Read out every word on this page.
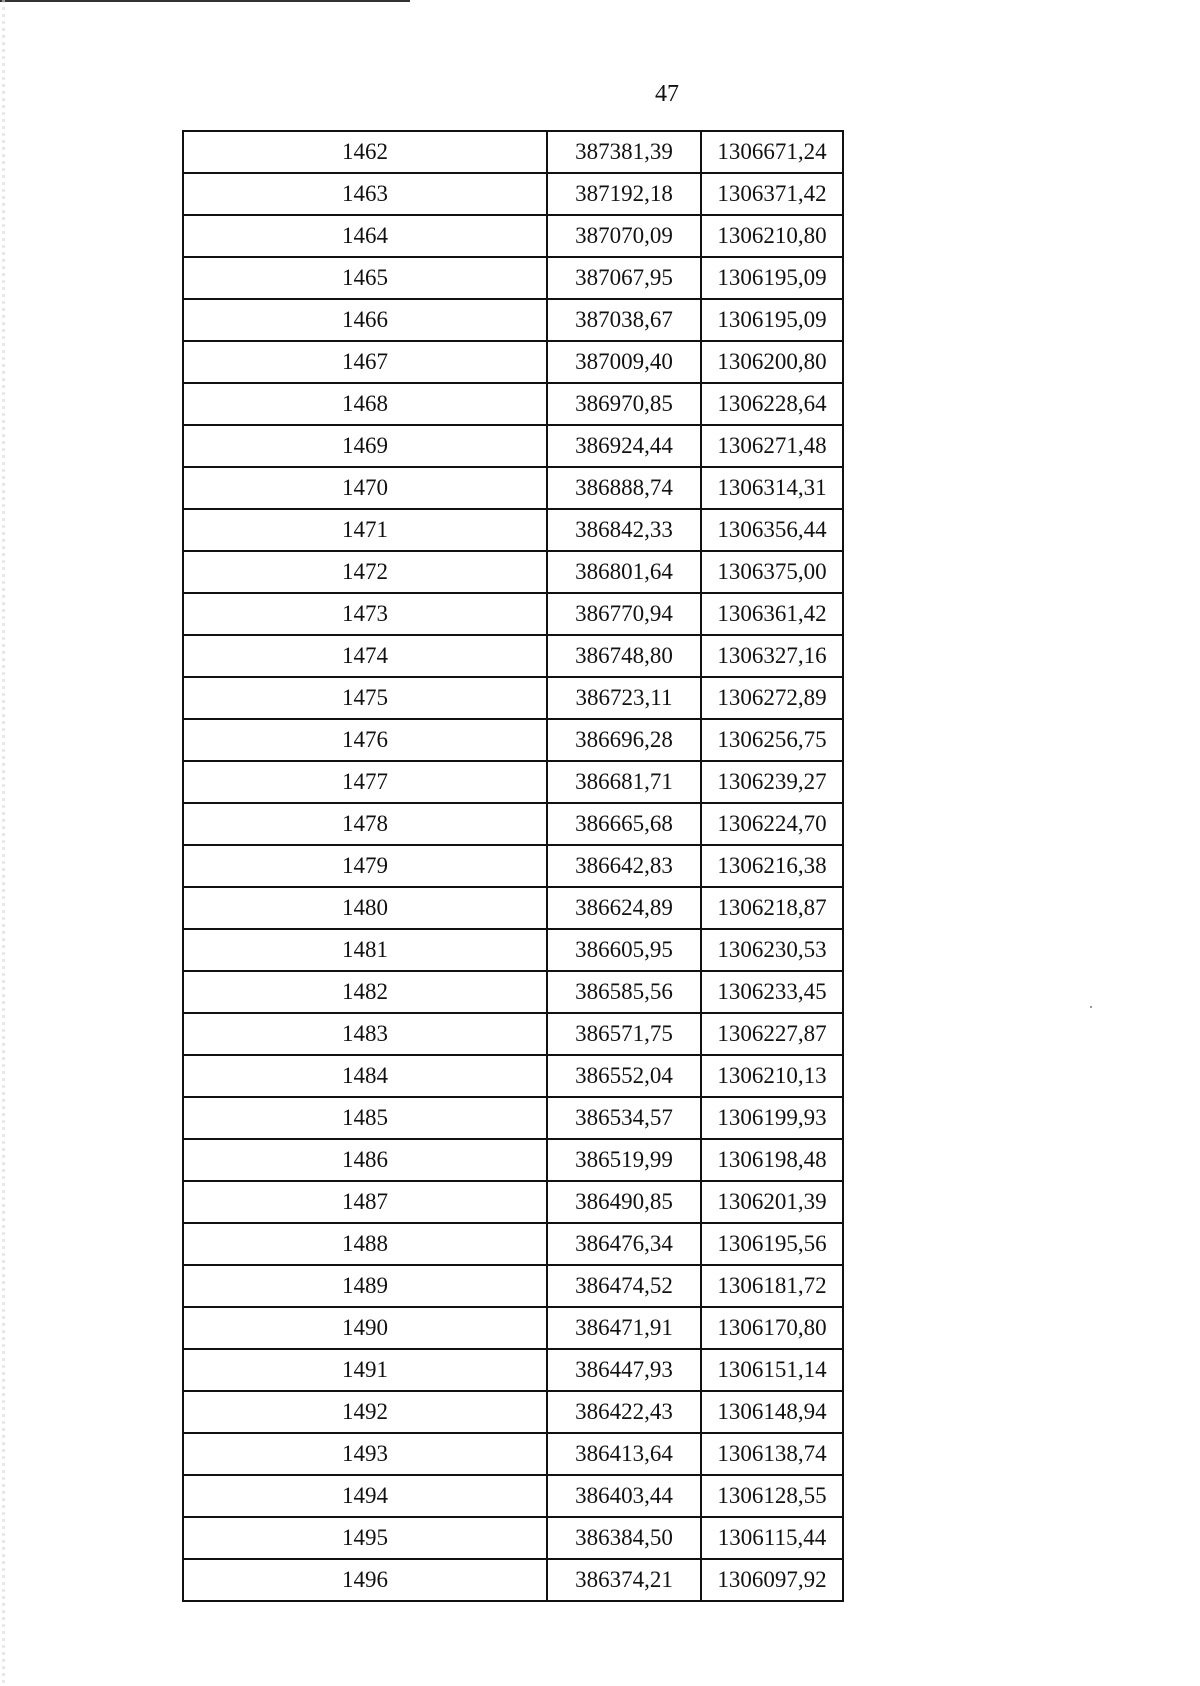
47
1462	387381,39	1306671,24
1463	387192,18	1306371,42
1464	387070,09	1306210,80
1465	387067,95	1306195,09
1466	387038,67	1306195,09
1467	387009,40	1306200,80
1468	386970,85	1306228,64
1469	386924,44	1306271,48
1470	386888,74	1306314,31
1471	386842,33	1306356,44
1472	386801,64	1306375,00
1473	386770,94	1306361,42
1474	386748,80	1306327,16
1475	386723,11	1306272,89
1476	386696,28	1306256,75
1477	386681,71	1306239,27
1478	386665,68	1306224,70
1479	386642,83	1306216,38
1480	386624,89	1306218,87
1481	386605,95	1306230,53
1482	386585,56	1306233,45
1483	386571,75	1306227,87
1484	386552,04	1306210,13
1485	386534,57	1306199,93
1486	386519,99	1306198,48
1487	386490,85	1306201,39
1488	386476,34	1306195,56
1489	386474,52	1306181,72
1490	386471,91	1306170,80
1491	386447,93	1306151,14
1492	386422,43	1306148,94
1493	386413,64	1306138,74
1494	386403,44	1306128,55
1495	386384,50	1306115,44
1496	386374,21	1306097,92
